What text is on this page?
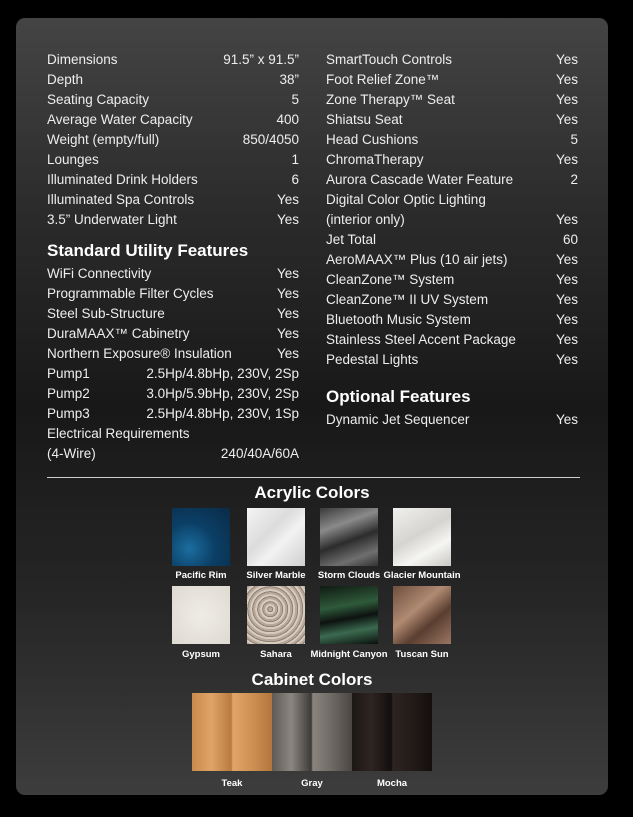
Dimensions	91.5” x 91.5”
Depth	38”
Seating Capacity	5
Average Water Capacity	400
Weight (empty/full)	850/4050
Lounges	1
Illuminated Drink Holders	6
Illuminated Spa Controls	Yes
3.5” Underwater Light	Yes
Standard Utility Features
WiFi Connectivity	Yes
Programmable Filter Cycles	Yes
Steel Sub-Structure	Yes
DuraMAAX™ Cabinetry	Yes
Northern Exposure® Insulation	Yes
Pump1	2.5Hp/4.8bHp, 230V, 2Sp
Pump2	3.0Hp/5.9bHp, 230V, 2Sp
Pump3	2.5Hp/4.8bHp, 230V, 1Sp
Electrical Requirements
(4-Wire)	240/40A/60A
SmartTouch Controls	Yes
Foot Relief Zone™	Yes
Zone Therapy™ Seat	Yes
Shiatsu Seat	Yes
Head Cushions	5
ChromaTherapy	Yes
Aurora Cascade Water Feature	2
Digital Color Optic Lighting
(interior only)	Yes
Jet Total	60
AeroMAAX™ Plus (10 air jets)	Yes
CleanZone™ System	Yes
CleanZone™ II UV System	Yes
Bluetooth Music System	Yes
Stainless Steel Accent Package	Yes
Pedestal Lights	Yes
Optional Features
Dynamic Jet Sequencer	Yes
Acrylic Colors
Pacific Rim	Silver Marble	Storm Clouds Glacier Mountain
Gypsum	Sahara	Midnight Canyon Tuscan Sun
Cabinet Colors
Teak	Gray	Mocha
